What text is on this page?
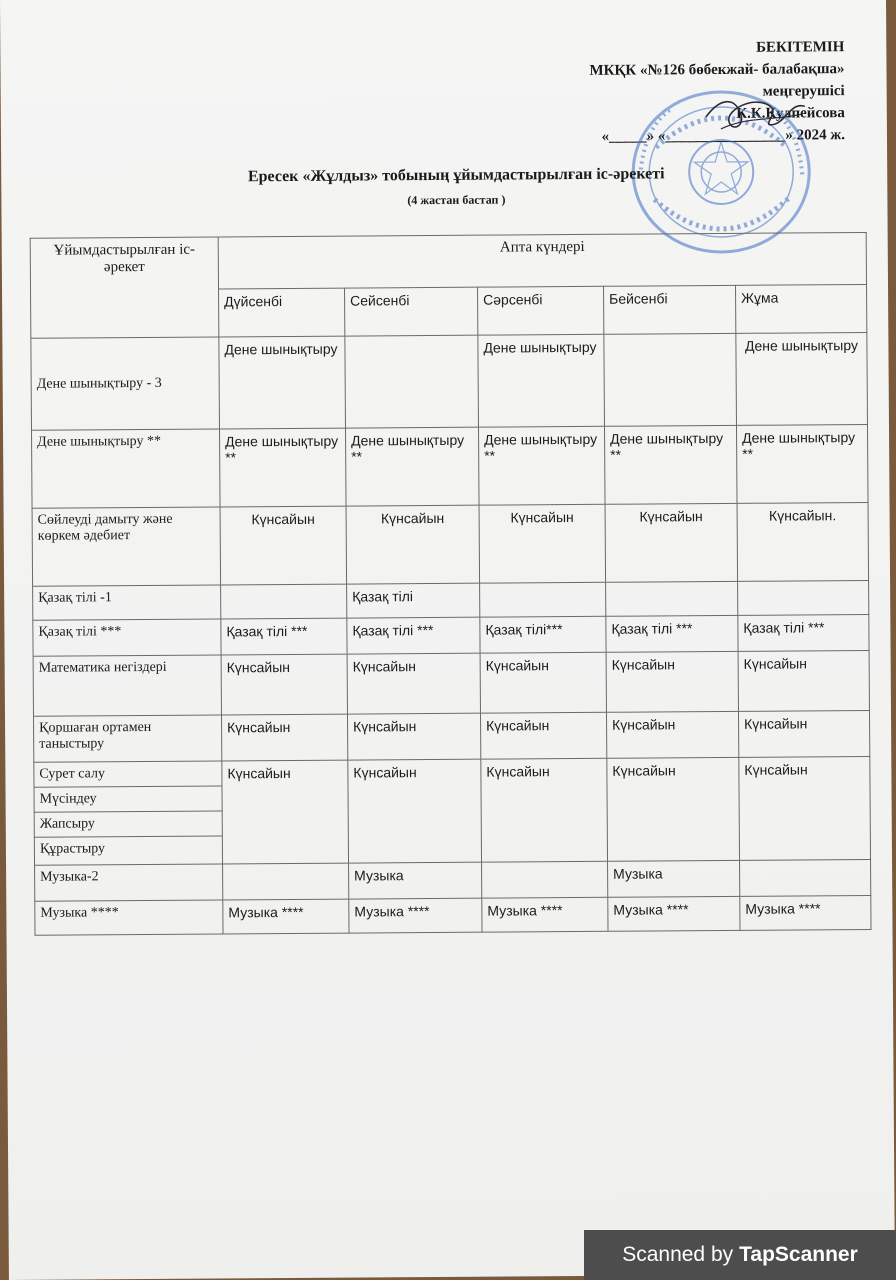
БЕКІТЕМІН
МКҚК «№126 бөбекжай- балабақша»
меңгерушісі
К.К.Кулпейсова
«_____» «________________» 2024 ж.
Ересек «Жұлдыз» тобының ұйымдастырылған іс-әрекеті
(4 жастан бастап )
Ұйымдастырылған іс-әрекет	Апта күндері				
	Дүйсенбі	Сейсенбі	Сәрсенбі	Бейсенбі	Жұма
Дене шынықтыру - 3	Дене шынықтыру		Дене шынықтыру		Дене шынықтыру
Дене шынықтыру **	Дене шынықтыру **	Дене шынықтыру **	Дене шынықтыру **	Дене шынықтыру **	Дене шынықтыру **
Сөйлеуді дамыту және көркем әдебиет	Күнсайын	Күнсайын	Күнсайын	Күнсайын	Күнсайын.
Қазақ тілі -1		Қазақ тілі			
Қазақ тілі ***	Қазақ тілі ***	Қазақ тілі ***	Қазақ тілі***	Қазақ тілі ***	Қазақ тілі ***
Математика негіздері	Күнсайын	Күнсайын	Күнсайын	Күнсайын	Күнсайын
Қоршаған ортамен таныстыру	Күнсайын	Күнсайын	Күнсайын	Күнсайын	Күнсайын
Сурет салу	Күнсайын	Күнсайын	Күнсайын	Күнсайын	Күнсайын
Мүсіндеу					
Жапсыру					
Құрастыру					
Музыка-2		Музыка		Музыка	
Музыка ****	Музыка ****	Музыка ****	Музыка ****	Музыка ****	Музыка ****
Scanned by TapScanner
